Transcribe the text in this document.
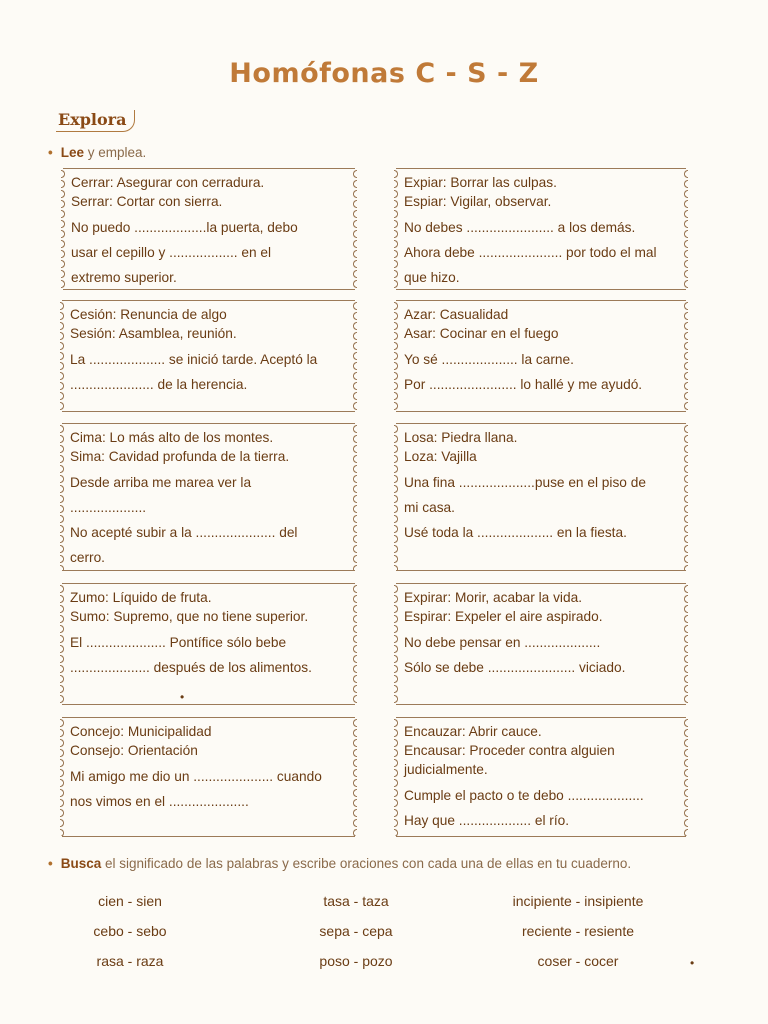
Homófonas C - S - Z
Explora
• Lee y emplea.
Cerrar: Asegurar con cerradura.
Serrar: Cortar con sierra.
No puedo ...................la puerta, debo
usar el cepillo y .................. en el
extremo superior.
Expiar: Borrar las culpas.
Espiar: Vigilar, observar.
No debes ....................... a los demás.
Ahora debe ...................... por todo el mal
que hizo.
Cesión: Renuncia de algo
Sesión: Asamblea, reunión.
La .................... se inició tarde. Aceptó la
...................... de la herencia.
Azar: Casualidad
Asar: Cocinar en el fuego
Yo sé .................... la carne.
Por ....................... lo hallé y me ayudó.
Cima: Lo más alto de los montes.
Sima: Cavidad profunda de la tierra.
Desde arriba me marea ver la
....................
No acepté subir a la ..................... del
cerro.
Losa: Piedra llana.
Loza: Vajilla
Una fina ....................puse en el piso de
mi casa.
Usé toda la .................... en la fiesta.
Zumo: Líquido de fruta.
Sumo: Supremo, que no tiene superior.
El ..................... Pontífice sólo bebe
..................... después de los alimentos.
Expirar: Morir, acabar la vida.
Espirar: Expeler el aire aspirado.
No debe pensar en ....................
Sólo se debe ....................... viciado.
Concejo: Municipalidad
Consejo: Orientación
Mi amigo me dio un ..................... cuando
nos vimos en el .....................
Encauzar: Abrir cauce.
Encausar: Proceder contra alguien
judicialmente.
Cumple el pacto o te debo ....................
Hay que ................... el río.
• Busca el significado de las palabras y escribe oraciones con cada una de ellas en tu cuaderno.
cien - sien
cebo - sebo
rasa - raza
tasa - taza
sepa - cepa
poso - pozo
incipiente - insipiente
reciente - resiente
coser - cocer	•
•
